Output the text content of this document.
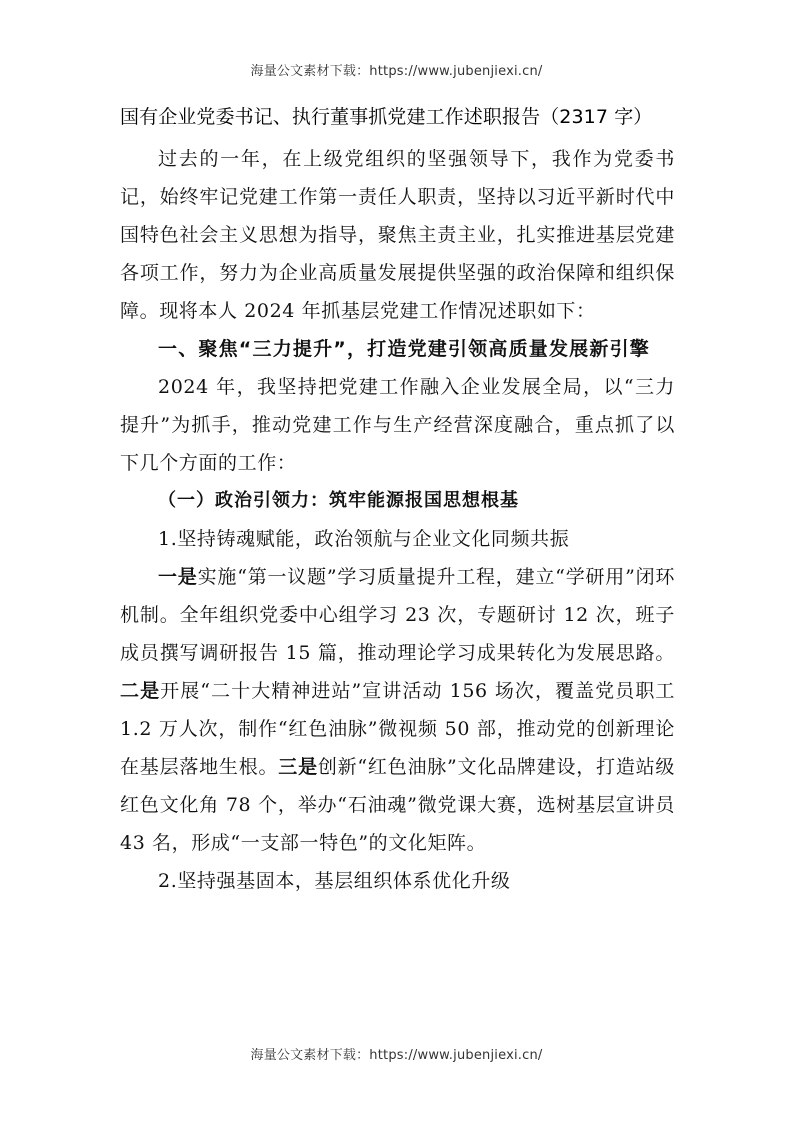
海量公文素材下载：https://www.jubenjiexi.cn/
国有企业党委书记、执行董事抓党建工作述职报告（2317 字）

过去的一年，在上级党组织的坚强领导下，我作为党委书记，始终牢记党建工作第一责任人职责，坚持以习近平新时代中国特色社会主义思想为指导，聚焦主责主业，扎实推进基层党建各项工作，努力为企业高质量发展提供坚强的政治保障和组织保障。现将本人 2024 年抓基层党建工作情况述职如下：

一、聚焦“三力提升”，打造党建引领高质量发展新引擎

2024 年，我坚持把党建工作融入企业发展全局，以“三力提升”为抓手，推动党建工作与生产经营深度融合，重点抓了以下几个方面的工作：

（一）政治引领力：筑牢能源报国思想根基

1.坚持铸魂赋能，政治领航与企业文化同频共振

一是实施“第一议题”学习质量提升工程，建立“学研用”闭环机制。全年组织党委中心组学习 23 次，专题研讨 12 次，班子成员撰写调研报告 15 篇，推动理论学习成果转化为发展思路。二是开展“二十大精神进站”宣讲活动 156 场次，覆盖党员职工 1.2 万人次，制作“红色油脉”微视频 50 部，推动党的创新理论在基层落地生根。三是创新“红色油脉”文化品牌建设，打造站级红色文化角 78 个，举办“石油魂”微党课大赛，选树基层宣讲员 43 名，形成“一支部一特色”的文化矩阵。

2.坚持强基固本，基层组织体系优化升级

海量公文素材下载：https://www.jubenjiexi.cn/
